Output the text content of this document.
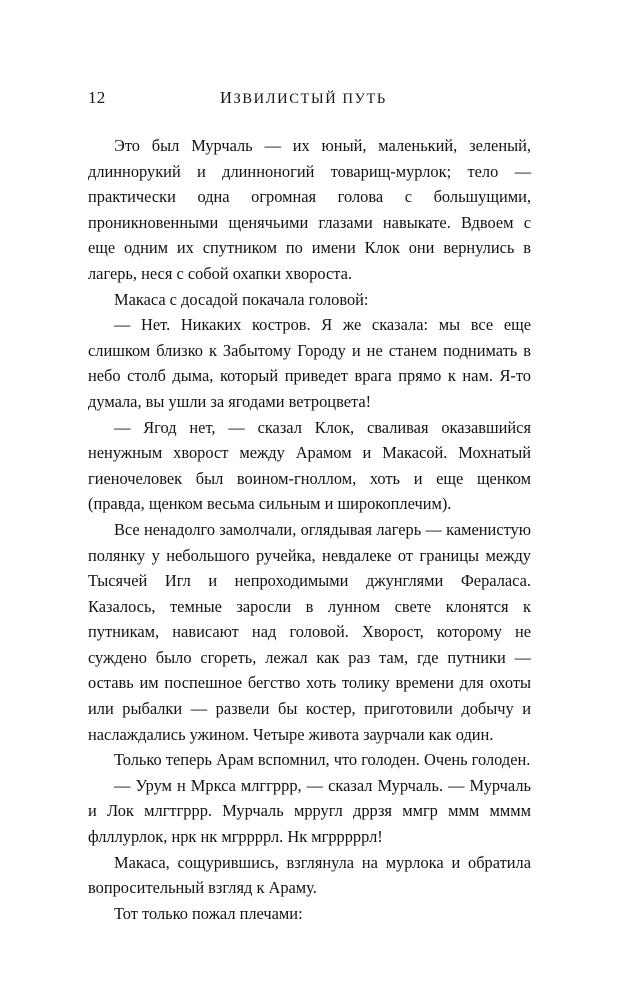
12	ИЗВИЛИСТЫЙ ПУТЬ

Это был Мурчаль — их юный, маленький, зеленый, длиннорукий и длинноногий товарищ-мурлок; тело — практически одна огромная голова с большущими, проникновенными щенячьими глазами навыкате. Вдвоем с еще одним их спутником по имени Клок они вернулись в лагерь, неся с собой охапки хвороста.

Макаса с досадой покачала головой:

— Нет. Никаких костров. Я же сказала: мы все еще слишком близко к Забытому Городу и не станем поднимать в небо столб дыма, который приведет врага прямо к нам. Я-то думала, вы ушли за ягодами ветроцвета!

— Ягод нет, — сказал Клок, сваливая оказавшийся ненужным хворост между Арамом и Макасой. Мохнатый гиеночеловек был воином-гноллом, хоть и еще щенком (правда, щенком весьма сильным и широкоплечим).

Все ненадолго замолчали, оглядывая лагерь — каменистую полянку у небольшого ручейка, невдалеке от границы между Тысячей Игл и непроходимыми джунглями Фераласа. Казалось, темные заросли в лунном свете клонятся к путникам, нависают над головой. Хворост, которому не суждено было сгореть, лежал как раз там, где путники — оставь им поспешное бегство хоть толику времени для охоты или рыбалки — развели бы костер, приготовили добычу и наслаждались ужином. Четыре живота заурчали как один.

Только теперь Арам вспомнил, что голоден. Очень голоден.

— Урум н Мркса млггррр, — сказал Мурчаль. — Мурчаль и Лок млгтгррр. Мурчаль мрругл дррзя ммгр ммм мммм флллурлок, нрк нк мгррррл. Нк мгрррррл!

Макаса, сощурившись, взглянула на мурлока и обратила вопросительный взгляд к Араму.

Тот только пожал плечами:
